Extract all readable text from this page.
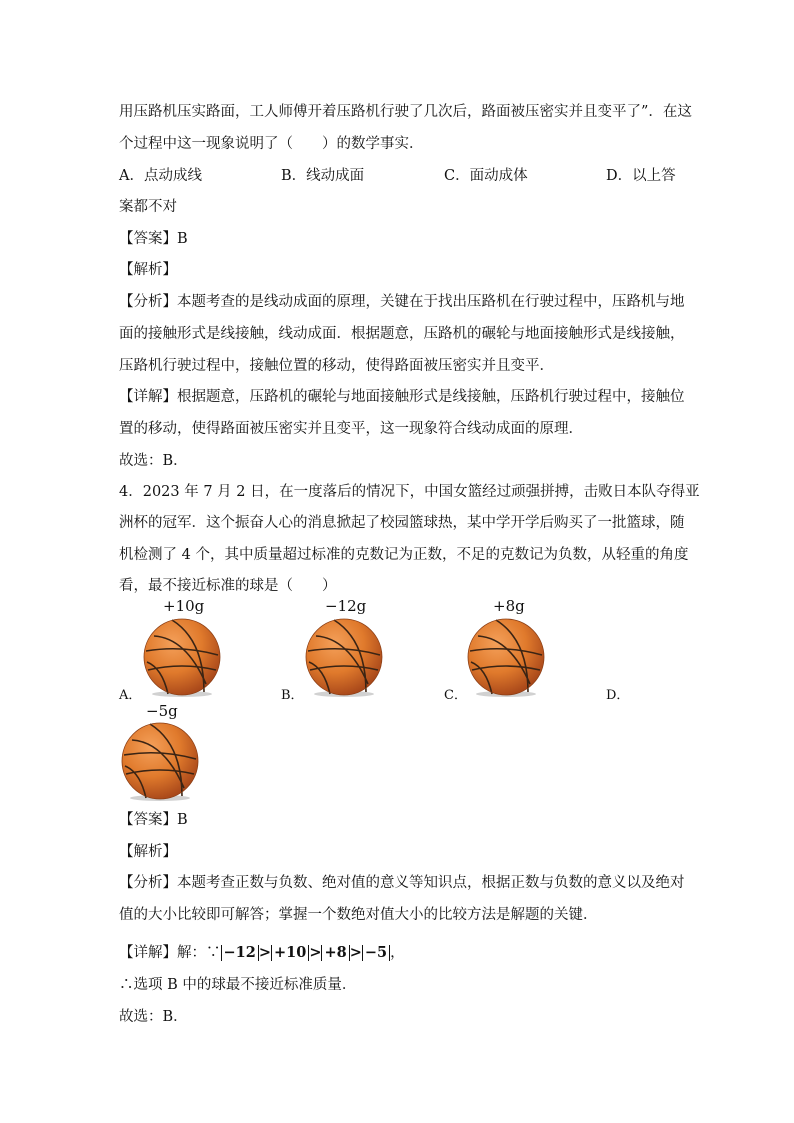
用压路机压实路面，工人师傅开着压路机行驶了几次后，路面被压密实并且变平了”．在这
个过程中这一现象说明了（　　）的数学事实．
A．点动成线	B．线动成面	C．面动成体	D．以上答
案都不对
【答案】B
【解析】
【分析】本题考查的是线动成面的原理，关键在于找出压路机在行驶过程中，压路机与地
面的接触形式是线接触，线动成面．根据题意，压路机的碾轮与地面接触形式是线接触，
压路机行驶过程中，接触位置的移动，使得路面被压密实并且变平．
【详解】根据题意，压路机的碾轮与地面接触形式是线接触，压路机行驶过程中，接触位
置的移动，使得路面被压密实并且变平，这一现象符合线动成面的原理．
故选：B．
4．2023 年 7 月 2 日，在一度落后的情况下，中国女篮经过顽强拼搏，击败日本队夺得亚
洲杯的冠军．这个振奋人心的消息掀起了校园篮球热，某中学开学后购买了一批篮球，随
机检测了 4 个，其中质量超过标准的克数记为正数，不足的克数记为负数，从轻重的角度
看，最不接近标准的球是（　　）
+10g
A．
−12g
B．
+8g
C．	D．
−5g
【答案】B
【解析】
【分析】本题考查正数与负数、绝对值的意义等知识点，根据正数与负数的意义以及绝对
值的大小比较即可解答；掌握一个数绝对值大小的比较方法是解题的关键．
【详解】解：∵ −12 > +10 > +8 > −5 ，
∴选项 B 中的球最不接近标准质量．
故选：B．
